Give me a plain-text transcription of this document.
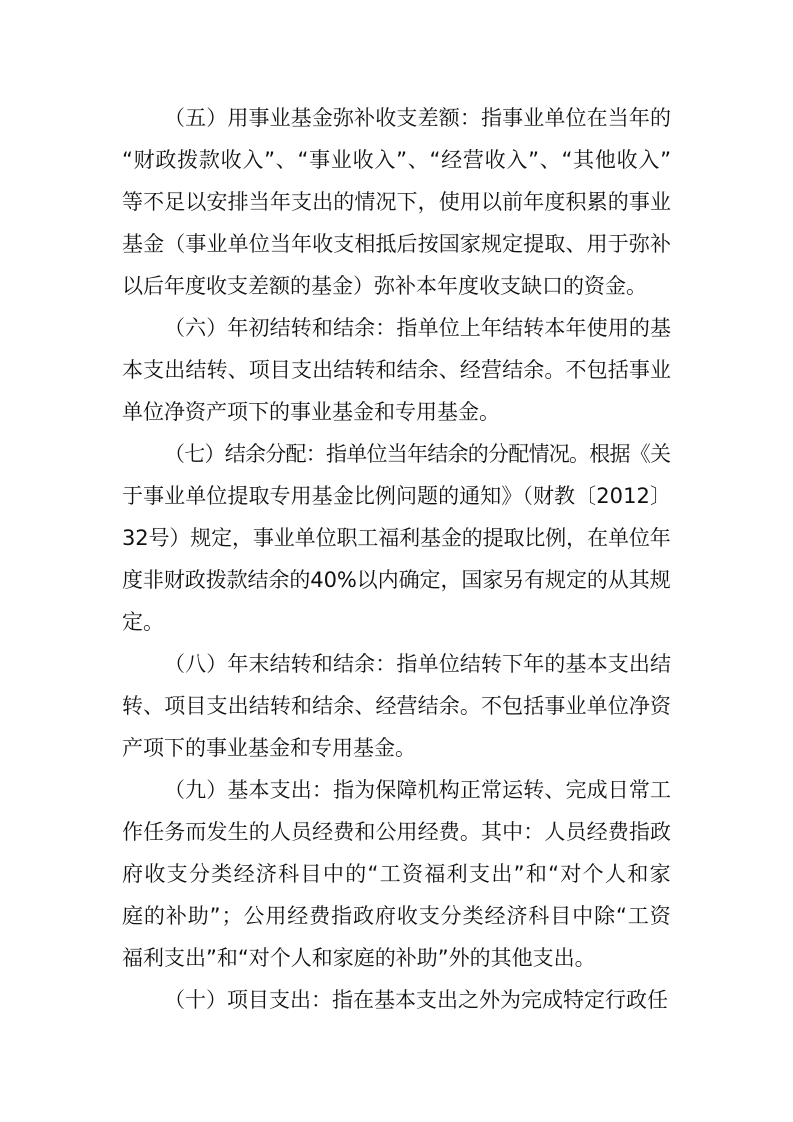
（五）用事业基金弥补收支差额：指事业单位在当年的
“财政拨款收入”、“事业收入”、“经营收入”、“其他收入”
等不足以安排当年支出的情况下，使用以前年度积累的事业
基金（事业单位当年收支相抵后按国家规定提取、用于弥补
以后年度收支差额的基金）弥补本年度收支缺口的资金。
（六）年初结转和结余：指单位上年结转本年使用的基
本支出结转、项目支出结转和结余、经营结余。不包括事业
单位净资产项下的事业基金和专用基金。
（七）结余分配：指单位当年结余的分配情况。根据《关
于事业单位提取专用基金比例问题的通知》（财教〔2012〕
32号）规定，事业单位职工福利基金的提取比例，在单位年
度非财政拨款结余的40%以内确定，国家另有规定的从其规
定。
（八）年末结转和结余：指单位结转下年的基本支出结
转、项目支出结转和结余、经营结余。不包括事业单位净资
产项下的事业基金和专用基金。
（九）基本支出：指为保障机构正常运转、完成日常工
作任务而发生的人员经费和公用经费。其中：人员经费指政
府收支分类经济科目中的“工资福利支出”和“对个人和家
庭的补助”；公用经费指政府收支分类经济科目中除“工资
福利支出”和“对个人和家庭的补助”外的其他支出。
（十）项目支出：指在基本支出之外为完成特定行政任
